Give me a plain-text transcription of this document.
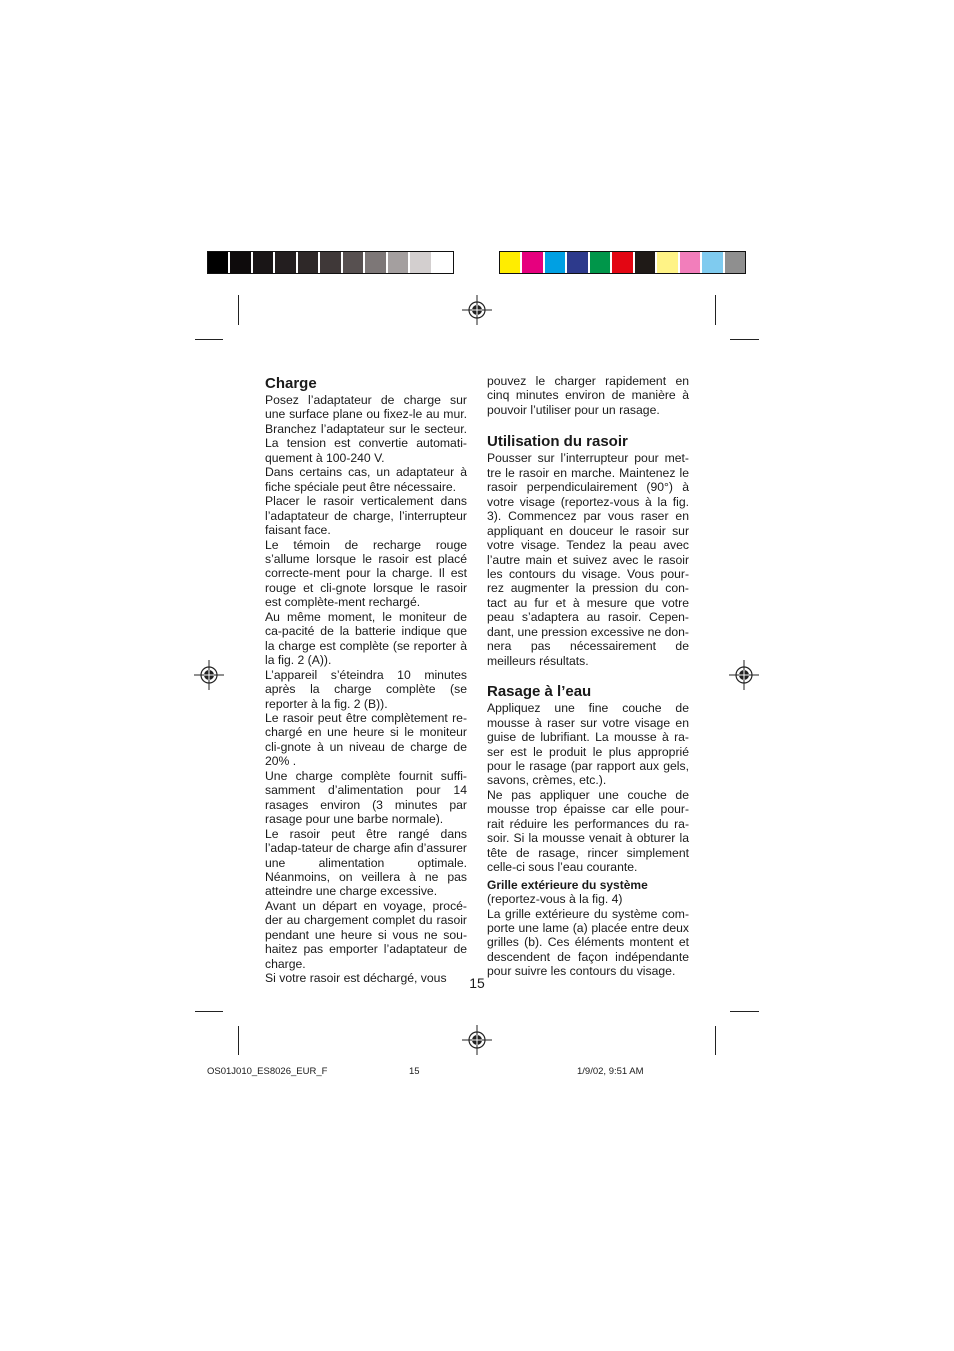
Charge

Posez l’adaptateur de charge sur une surface plane ou fixez-le au mur. Branchez l’adaptateur sur le secteur. La tension est convertie automati-quement à 100-240 V.

Dans certains cas, un adaptateur à fiche spéciale peut être nécessaire.

Placer le rasoir verticalement dans l’adaptateur de charge, l’interrupteur faisant face.

Le témoin de recharge rouge s’allume lorsque le rasoir est placé correcte-ment pour la charge. Il est rouge et cli-gnote lorsque le rasoir est complète-ment rechargé.

Au même moment, le moniteur de ca-pacité de la batterie indique que la charge est complète (se reporter à la fig. 2 (A)).

L’appareil s’éteindra 10 minutes après la charge complète (se reporter à la fig. 2 (B)).

Le rasoir peut être complètement re-chargé en une heure si le moniteur cli-gnote à un niveau de charge de 20% .

Une charge complète fournit suffi-samment d’alimentation pour 14 rasages environ (3 minutes par rasage pour une barbe normale).

Le rasoir peut être rangé dans l’adap-tateur de charge afin d’assurer une alimentation optimale. Néanmoins, on veillera à ne pas atteindre une charge excessive.

Avant un départ en voyage, procé-der au chargement complet du rasoir pendant une heure si vous ne sou-haitez pas emporter l’adaptateur de charge.

Si votre rasoir est déchargé, vous

pouvez le charger rapidement en cinq minutes environ de manière à pouvoir l’utiliser pour un rasage.

Utilisation du rasoir

Pousser sur l’interrupteur pour met-tre le rasoir en marche. Maintenez le rasoir perpendiculairement (90°) à votre visage (reportez-vous à la fig. 3). Commencez par vous raser en appliquant en douceur le rasoir sur votre visage. Tendez la peau avec l’autre main et suivez avec le rasoir les contours du visage. Vous pour-rez augmenter la pression du con-tact au fur et à mesure que votre peau s’adaptera au rasoir. Cepen-dant, une pression excessive ne don-nera pas nécessairement de meilleurs résultats.

Rasage à l’eau

Appliquez une fine couche de mousse à raser sur votre visage en guise de lubrifiant. La mousse à ra-ser est le produit le plus approprié pour le rasage (par rapport aux gels, savons, crèmes, etc.).

Ne pas appliquer une couche de mousse trop épaisse car elle pour-rait réduire les performances du ra-soir. Si la mousse venait à obturer la tête de rasage, rincer simplement celle-ci sous l’eau courante.

Grille extérieure du système

(reportez-vous à la fig. 4)

La grille extérieure du système com-porte une lame (a) placée entre deux grilles (b). Ces éléments montent et descendent de façon indépendante pour suivre les contours du visage.

15
OS01J010_ES8026_EUR_F	15	1/9/02, 9:51 AM
